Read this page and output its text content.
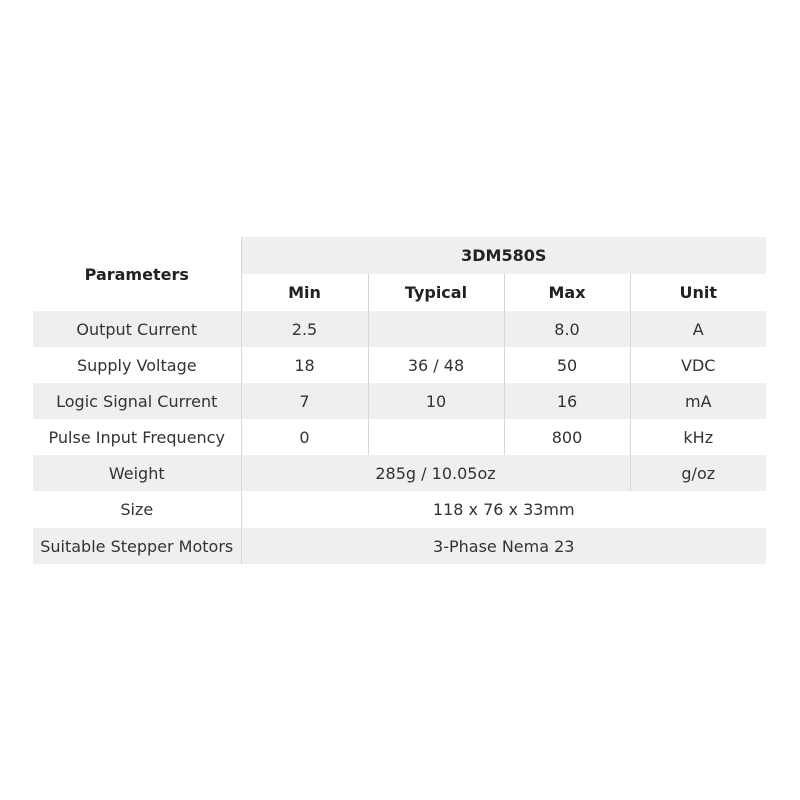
Parameters	3DM580S			
	Min	Typical	Max	Unit
Output Current	2.5		8.0	A
Supply Voltage	18	36 / 48	50	VDC
Logic Signal Current	7	10	16	mA
Pulse Input Frequency	0		800	kHz
Weight	285g / 10.05oz			g/oz
Size	118 x 76 x 33mm			
Suitable Stepper Motors	3-Phase Nema 23			
